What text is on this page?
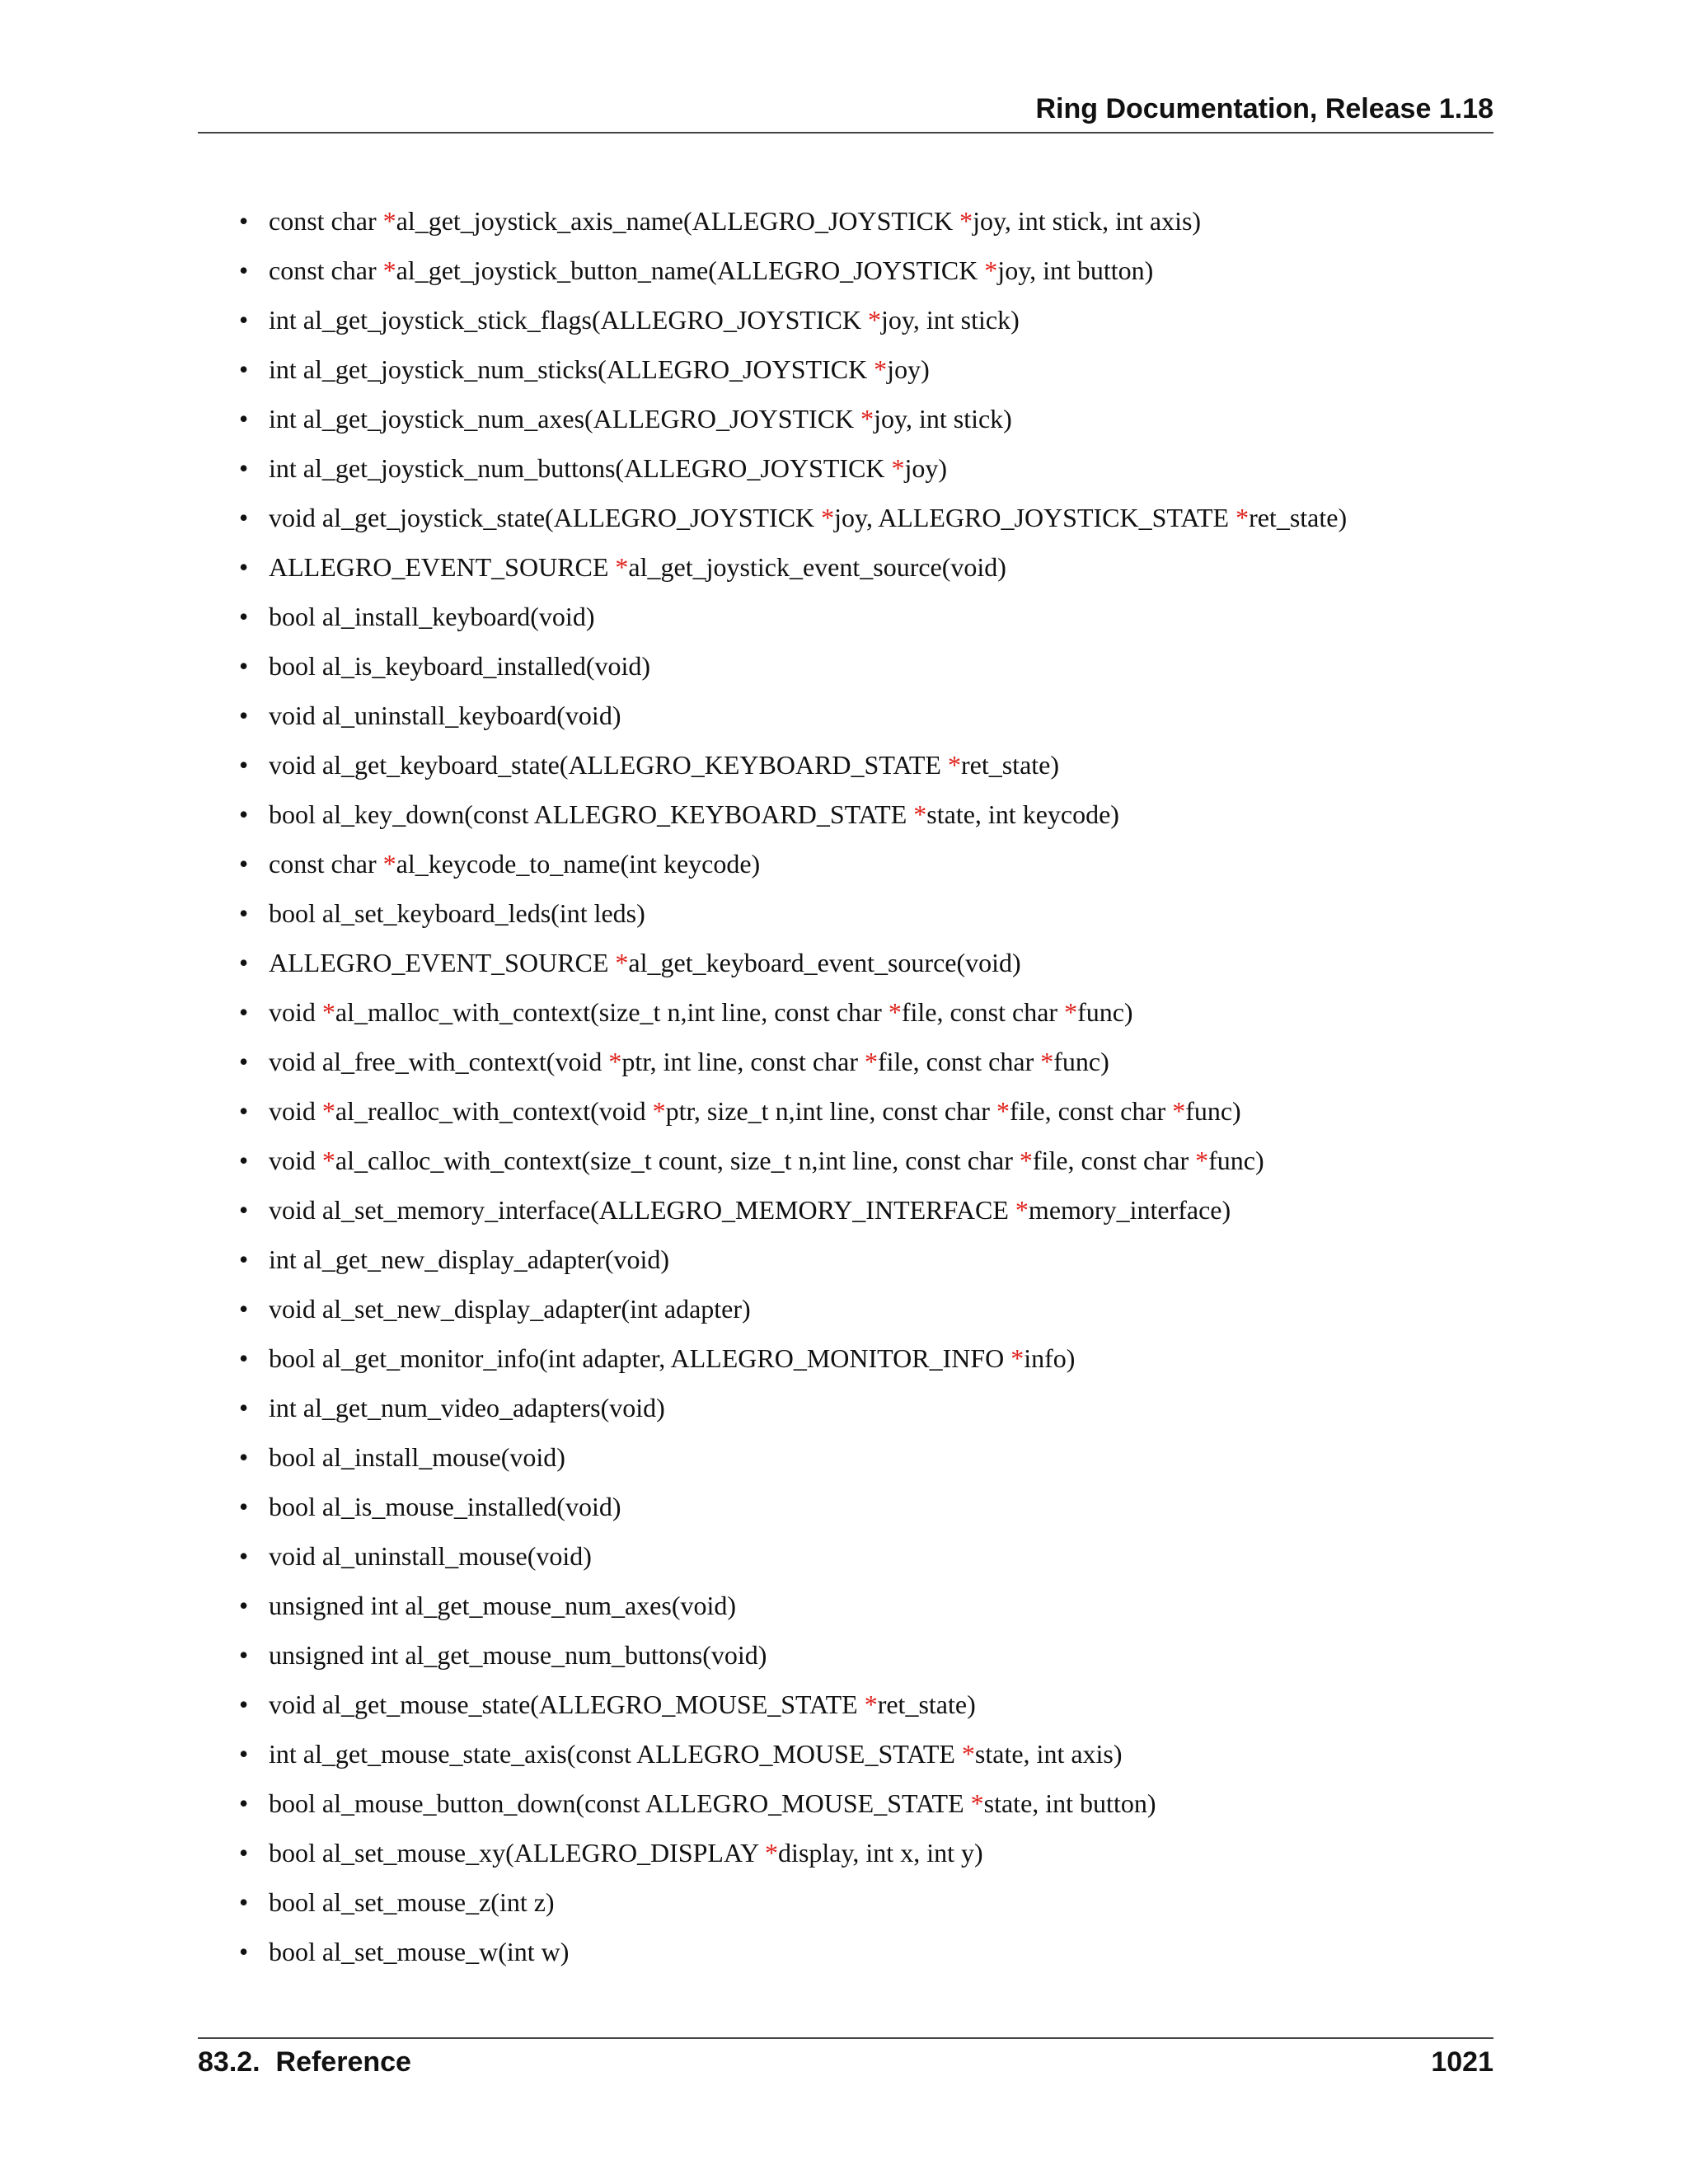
Ring Documentation, Release 1.18
• const char *al_get_joystick_axis_name(ALLEGRO_JOYSTICK *joy, int stick, int axis)
• const char *al_get_joystick_button_name(ALLEGRO_JOYSTICK *joy, int button)
• int al_get_joystick_stick_flags(ALLEGRO_JOYSTICK *joy, int stick)
• int al_get_joystick_num_sticks(ALLEGRO_JOYSTICK *joy)
• int al_get_joystick_num_axes(ALLEGRO_JOYSTICK *joy, int stick)
• int al_get_joystick_num_buttons(ALLEGRO_JOYSTICK *joy)
• void al_get_joystick_state(ALLEGRO_JOYSTICK *joy, ALLEGRO_JOYSTICK_STATE *ret_state)
• ALLEGRO_EVENT_SOURCE *al_get_joystick_event_source(void)
• bool al_install_keyboard(void)
• bool al_is_keyboard_installed(void)
• void al_uninstall_keyboard(void)
• void al_get_keyboard_state(ALLEGRO_KEYBOARD_STATE *ret_state)
• bool al_key_down(const ALLEGRO_KEYBOARD_STATE *state, int keycode)
• const char *al_keycode_to_name(int keycode)
• bool al_set_keyboard_leds(int leds)
• ALLEGRO_EVENT_SOURCE *al_get_keyboard_event_source(void)
• void *al_malloc_with_context(size_t n,int line, const char *file, const char *func)
• void al_free_with_context(void *ptr, int line, const char *file, const char *func)
• void *al_realloc_with_context(void *ptr, size_t n,int line, const char *file, const char *func)
• void *al_calloc_with_context(size_t count, size_t n,int line, const char *file, const char *func)
• void al_set_memory_interface(ALLEGRO_MEMORY_INTERFACE *memory_interface)
• int al_get_new_display_adapter(void)
• void al_set_new_display_adapter(int adapter)
• bool al_get_monitor_info(int adapter, ALLEGRO_MONITOR_INFO *info)
• int al_get_num_video_adapters(void)
• bool al_install_mouse(void)
• bool al_is_mouse_installed(void)
• void al_uninstall_mouse(void)
• unsigned int al_get_mouse_num_axes(void)
• unsigned int al_get_mouse_num_buttons(void)
• void al_get_mouse_state(ALLEGRO_MOUSE_STATE *ret_state)
• int al_get_mouse_state_axis(const ALLEGRO_MOUSE_STATE *state, int axis)
• bool al_mouse_button_down(const ALLEGRO_MOUSE_STATE *state, int button)
• bool al_set_mouse_xy(ALLEGRO_DISPLAY *display, int x, int y)
• bool al_set_mouse_z(int z)
• bool al_set_mouse_w(int w)
83.2.  Reference	1021
